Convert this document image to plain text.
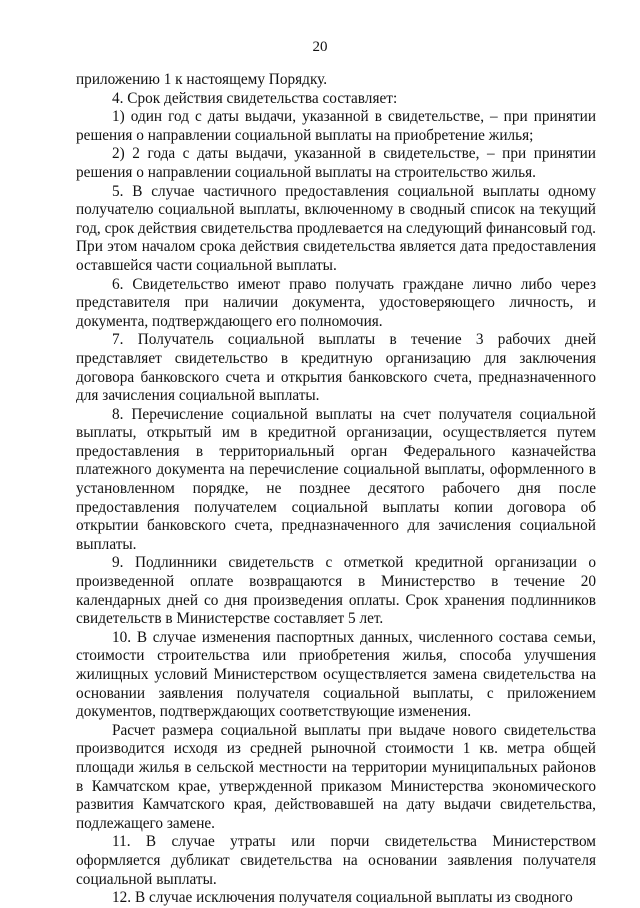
20

приложению 1 к настоящему Порядку.

4. Срок действия свидетельства составляет:

1) один год с даты выдачи, указанной в свидетельстве, – при принятии решения о направлении социальной выплаты на приобретение жилья;

2) 2 года с даты выдачи, указанной в свидетельстве, – при принятии решения о направлении социальной выплаты на строительство жилья.

5. В случае частичного предоставления социальной выплаты одному получателю социальной выплаты, включенному в сводный список на текущий год, срок действия свидетельства продлевается на следующий финансовый год. При этом началом срока действия свидетельства является дата предоставления оставшейся части социальной выплаты.

6. Свидетельство имеют право получать граждане лично либо через представителя при наличии документа, удостоверяющего личность, и документа, подтверждающего его полномочия.

7. Получатель социальной выплаты в течение 3 рабочих дней представляет свидетельство в кредитную организацию для заключения договора банковского счета и открытия банковского счета, предназначенного для зачисления социальной выплаты.

8. Перечисление социальной выплаты на счет получателя социальной выплаты, открытый им в кредитной организации, осуществляется путем предоставления в территориальный орган Федерального казначейства платежного документа на перечисление социальной выплаты, оформленного в установленном порядке, не позднее десятого рабочего дня после предоставления получателем социальной выплаты копии договора об открытии банковского счета, предназначенного для зачисления социальной выплаты.

9. Подлинники свидетельств с отметкой кредитной организации о произведенной оплате возвращаются в Министерство в течение 20 календарных дней со дня произведения оплаты. Срок хранения подлинников свидетельств в Министерстве составляет 5 лет.

10. В случае изменения паспортных данных, численного состава семьи, стоимости строительства или приобретения жилья, способа улучшения жилищных условий Министерством осуществляется замена свидетельства на основании заявления получателя социальной выплаты, с приложением документов, подтверждающих соответствующие изменения.

Расчет размера социальной выплаты при выдаче нового свидетельства производится исходя из средней рыночной стоимости 1 кв. метра общей площади жилья в сельской местности на территории муниципальных районов в Камчатском крае, утвержденной приказом Министерства экономического развития Камчатского края, действовавшей на дату выдачи свидетельства, подлежащего замене.

11. В случае утраты или порчи свидетельства Министерством оформляется дубликат свидетельства на основании заявления получателя социальной выплаты.

12. В случае исключения получателя социальной выплаты из сводного
